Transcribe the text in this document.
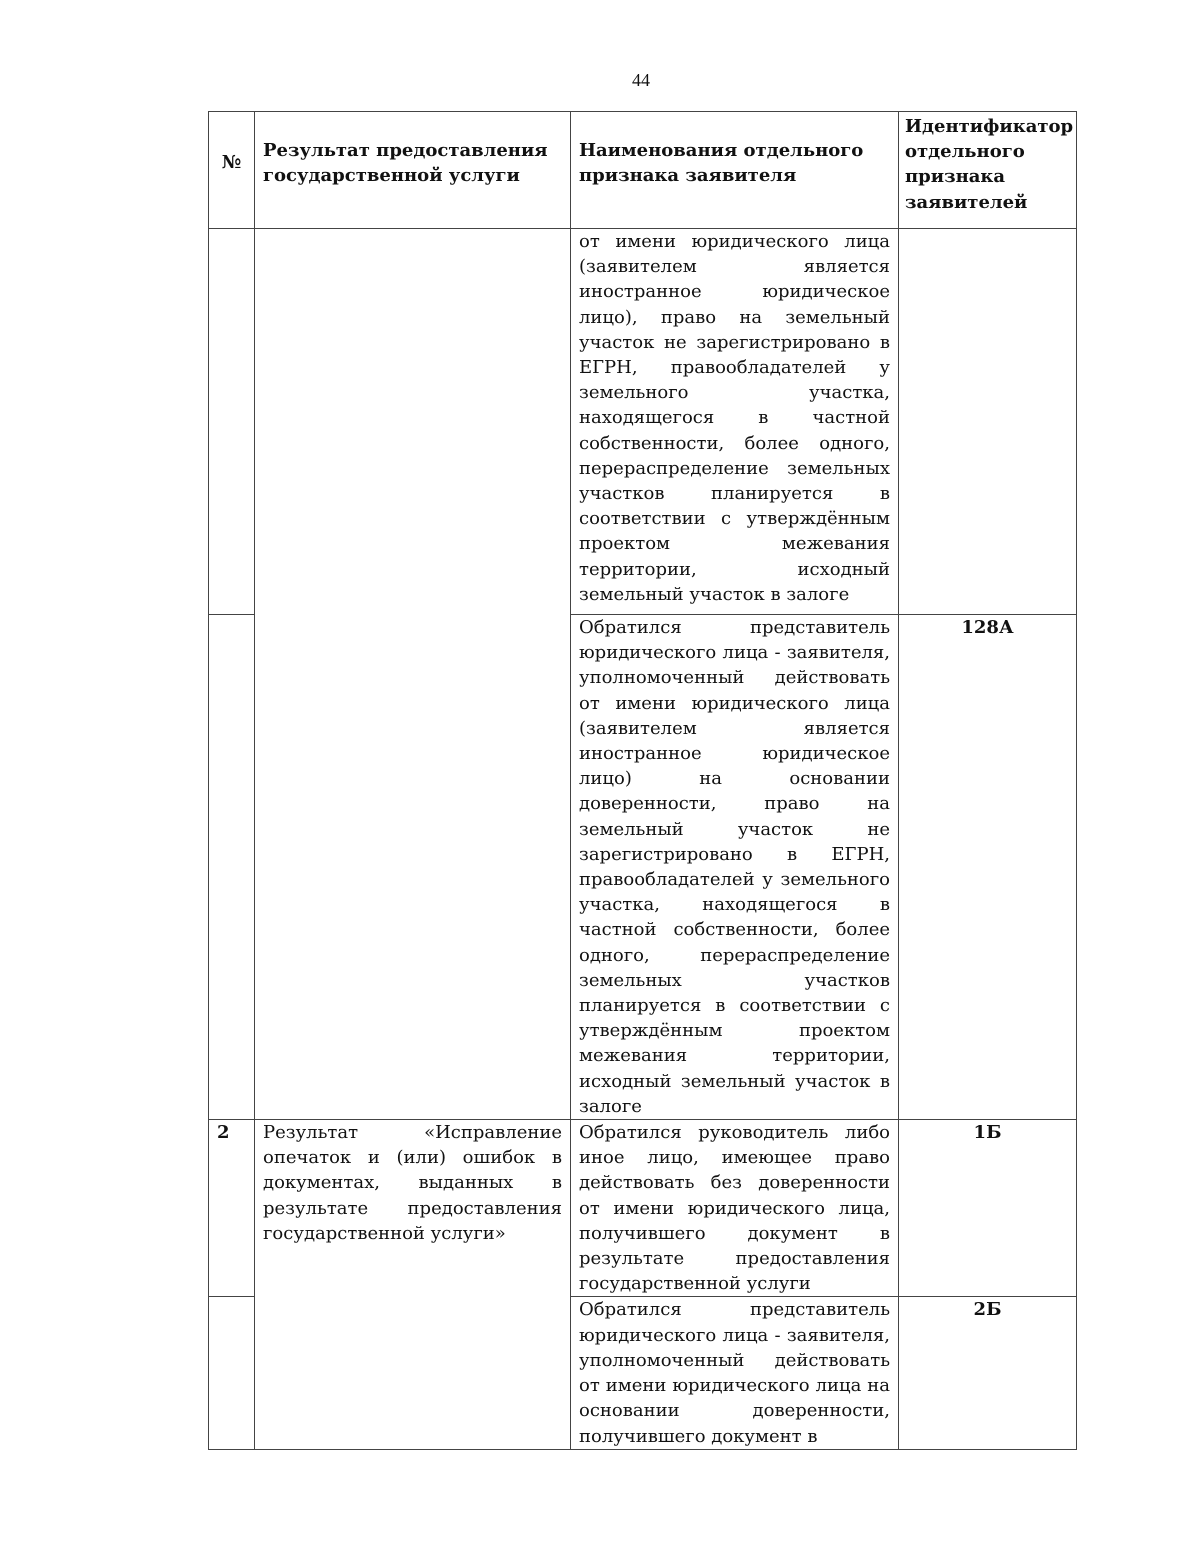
44
№	Результат предоставления государственной услуги	Наименования отдельного признака заявителя	Идентификатор отдельного признака заявителей
		от имени юридического лица (заявителем является иностранное юридическое лицо), право на земельный участок не зарегистрировано в ЕГРН, правообладателей у земельного участка, находящегося в частной собственности, более одного, перераспределение земельных участков планируется в соответствии с утверждённым проектом межевания территории, исходный земельный участок в залоге	
		Обратился представитель юридического лица - заявителя, уполномоченный действовать от имени юридического лица (заявителем является иностранное юридическое лицо) на основании доверенности, право на земельный участок не зарегистрировано в ЕГРН, правообладателей у земельного участка, находящегося в частной собственности, более одного, перераспределение земельных участков планируется в соответствии с утверждённым проектом межевания территории, исходный земельный участок в залоге	128А
2	Результат «Исправление опечаток и (или) ошибок в документах, выданных в результате предоставления государственной услуги»	Обратился руководитель либо иное лицо, имеющее право действовать без доверенности от имени юридического лица, получившего документ в результате предоставления государственной услуги	1Б
		Обратился представитель юридического лица - заявителя, уполномоченный действовать от имени юридического лица на основании доверенности, получившего документ в	2Б
